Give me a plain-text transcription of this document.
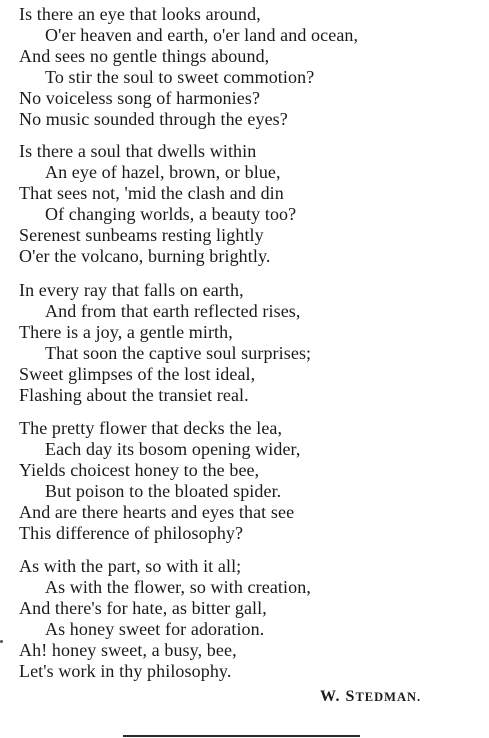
Is there an eye that looks around,
O'er heaven and earth, o'er land and ocean,
And sees no gentle things abound,
To stir the soul to sweet commotion?
No voiceless song of harmonies?
No music sounded through the eyes?
Is there a soul that dwells within
An eye of hazel, brown, or blue,
That sees not, 'mid the clash and din
Of changing worlds, a beauty too?
Serenest sunbeams resting lightly
O'er the volcano, burning brightly.
In every ray that falls on earth,
And from that earth reflected rises,
There is a joy, a gentle mirth,
That soon the captive soul surprises;
Sweet glimpses of the lost ideal,
Flashing about the transiet real.
The pretty flower that decks the lea,
Each day its bosom opening wider,
Yields choicest honey to the bee,
But poison to the bloated spider.
And are there hearts and eyes that see
This difference of philosophy?
As with the part, so with it all;
As with the flower, so with creation,
And there's for hate, as bitter gall,
As honey sweet for adoration.
Ah! honey sweet, a busy, bee,
Let's work in thy philosophy.
W. STEDMAN.
